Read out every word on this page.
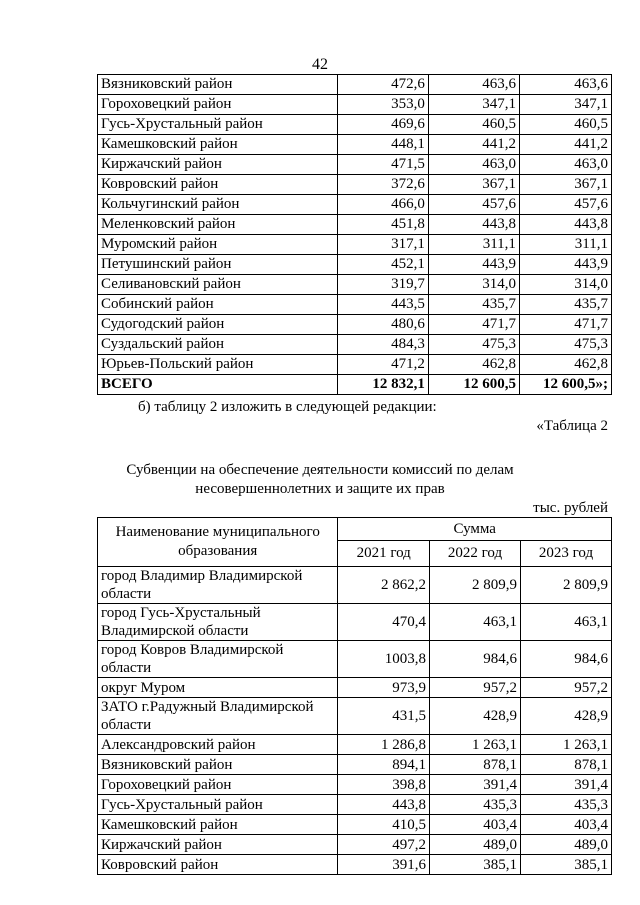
42
Вязниковский район	472,6	463,6	463,6
Гороховецкий район	353,0	347,1	347,1
Гусь-Хрустальный район	469,6	460,5	460,5
Камешковский район	448,1	441,2	441,2
Киржачский район	471,5	463,0	463,0
Ковровский район	372,6	367,1	367,1
Кольчугинский район	466,0	457,6	457,6
Меленковский район	451,8	443,8	443,8
Муромский район	317,1	311,1	311,1
Петушинский район	452,1	443,9	443,9
Селивановский район	319,7	314,0	314,0
Собинский район	443,5	435,7	435,7
Судогодский район	480,6	471,7	471,7
Суздальский район	484,3	475,3	475,3
Юрьев-Польский район	471,2	462,8	462,8
ВСЕГО	12 832,1	12 600,5	12 600,5»;
б) таблицу 2 изложить в следующей редакции:
«Таблица 2
Субвенции на обеспечение деятельности комиссий по делам
несовершеннолетних и защите их прав
тыс. рублей
Наименование муниципального образования	Сумма		
	2021 год	2022 год	2023 год
город Владимир Владимирской области	2 862,2	2 809,9	2 809,9
город Гусь-Хрустальный Владимирской области	470,4	463,1	463,1
город Ковров Владимирской области	1003,8	984,6	984,6
округ Муром	973,9	957,2	957,2
ЗАТО г.Радужный Владимирской области	431,5	428,9	428,9
Александровский район	1 286,8	1 263,1	1 263,1
Вязниковский район	894,1	878,1	878,1
Гороховецкий район	398,8	391,4	391,4
Гусь-Хрустальный район	443,8	435,3	435,3
Камешковский район	410,5	403,4	403,4
Киржачский район	497,2	489,0	489,0
Ковровский район	391,6	385,1	385,1
